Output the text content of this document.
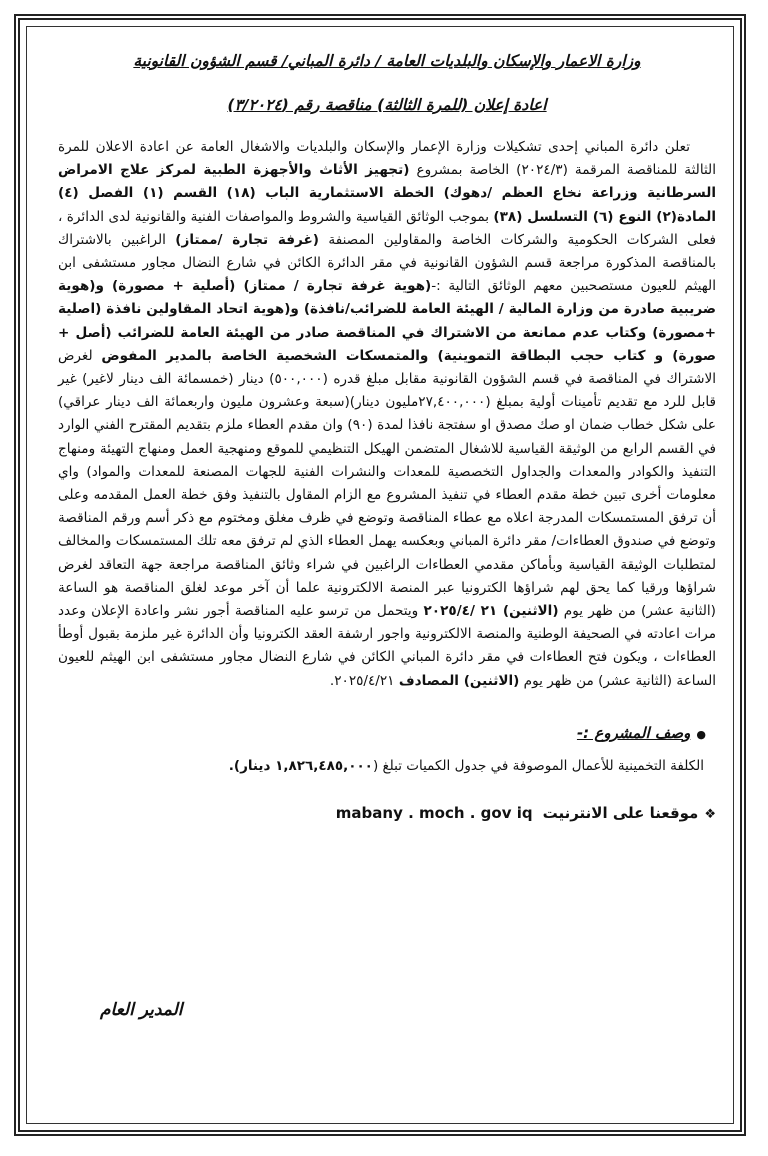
وزارة الاعمار والإسكان والبلديات العامة / دائرة المباني/ قسم الشؤون القانونية
اعادة إعلان (للمرة الثالثة) مناقصة رقم (٣/٢٠٢٤)
تعلن دائرة المباني إحدى تشكيلات وزارة الإعمار والإسكان والبلديات والاشغال العامة عن اعادة الاعلان للمرة الثالثة للمناقصة المرقمة (٢٠٢٤/٣) الخاصة بمشروع (تجهيز الأثاث والأجهزة الطبية لمركز علاج الامراض السرطانية وزراعة نخاع العظم /دهوك) الخطة الاستثمارية الباب (١٨) القسم (١) الفصل (٤) المادة(٢) النوع (٦) التسلسل (٣٨) بموجب الوثائق القياسية والشروط والمواصفات الفنية والقانونية لدى الدائرة ، فعلى الشركات الحكومية والشركات الخاصة والمقاولين المصنفة (غرفة تجارة /ممتاز) الراغبين بالاشتراك بالمناقصة المذكورة مراجعة قسم الشؤون القانونية في مقر الدائرة الكائن في شارع النضال مجاور مستشفى ابن الهيثم للعيون مستصحبين معهم الوثائق التالية :-(هوية غرفة تجارة / ممتاز) (أصلية + مصورة) و(هوية ضريبية صادرة من وزارة المالية / الهيئة العامة للضرائب/نافذة) و(هوية اتحاد المقاولين نافذة (اصلية +مصورة) وكتاب عدم ممانعة من الاشتراك في المناقصة صادر من الهيئة العامة للضرائب (أصل + صورة) و كتاب حجب البطاقة التموينية) والمتمسكات الشخصية الخاصة بالمدير المفوض لغرض الاشتراك في المناقصة في قسم الشؤون القانونية مقابل مبلغ قدره (٥٠٠,٠٠٠) دينار (خمسمائة الف دينار لاغير) غير قابل للرد مع تقديم تأمينات أولية بمبلغ (٢٧,٤٠٠,٠٠٠مليون دينار)(سبعة وعشرون مليون واربعمائة الف دينار عراقي) على شكل خطاب ضمان او صك مصدق او سفتجة نافذا لمدة (٩٠) وان مقدم العطاء ملزم بتقديم المقترح الفني الوارد في القسم الرابع من الوثيقة القياسية للاشغال المتضمن الهيكل التنظيمي للموقع ومنهجية العمل ومنهاج التهيئة ومنهاج التنفيذ والكوادر والمعدات والجداول التخصصية للمعدات والنشرات الفنية للجهات المصنعة للمعدات والمواد) واي معلومات أخرى تبين خطة مقدم العطاء في تنفيذ المشروع مع الزام المقاول بالتنفيذ وفق خطة العمل المقدمه وعلى أن ترفق المستمسكات المدرجة اعلاه مع عطاء المناقصة وتوضع في ظرف مغلق ومختوم مع ذكر أسم ورقم المناقصة وتوضع في صندوق العطاءات/ مقر دائرة المباني وبعكسه يهمل العطاء الذي لم ترفق معه تلك المستمسكات والمخالف لمتطلبات الوثيقة القياسية وبأماكن مقدمي العطاءات الراغبين في شراء وثائق المناقصة مراجعة جهة التعاقد لغرض شراؤها ورقيا كما يحق لهم شراؤها الكترونيا عبر المنصة الالكترونية علما أن آخر موعد لغلق المناقصة هو الساعة (الثانية عشر) من ظهر يوم (الاثنين) ٢١ /٢٠٢٥/٤ ويتحمل من ترسو عليه المناقصة أجور نشر واعادة الإعلان وعدد مرات اعادته في الصحيفة الوطنية والمنصة الالكترونية واجور ارشفة العقد الكترونيا وأن الدائرة غير ملزمة بقبول أوطأ العطاءات ، ويكون فتح العطاءات في مقر دائرة المباني الكائن في شارع النضال مجاور مستشفى ابن الهيثم للعيون الساعة (الثانية عشر) من ظهر يوم (الاثنين) المصادف ٢٠٢٥/٤/٢١.
●وصف المشروع :-
الكلفة التخمينية للأعمال الموصوفة في جدول الكميات تبلغ (١,٨٢٦,٤٨٥,٠٠٠ دينار).
❖موقعنا على الانترنيتmabany . moch . gov iq
المدير العام
